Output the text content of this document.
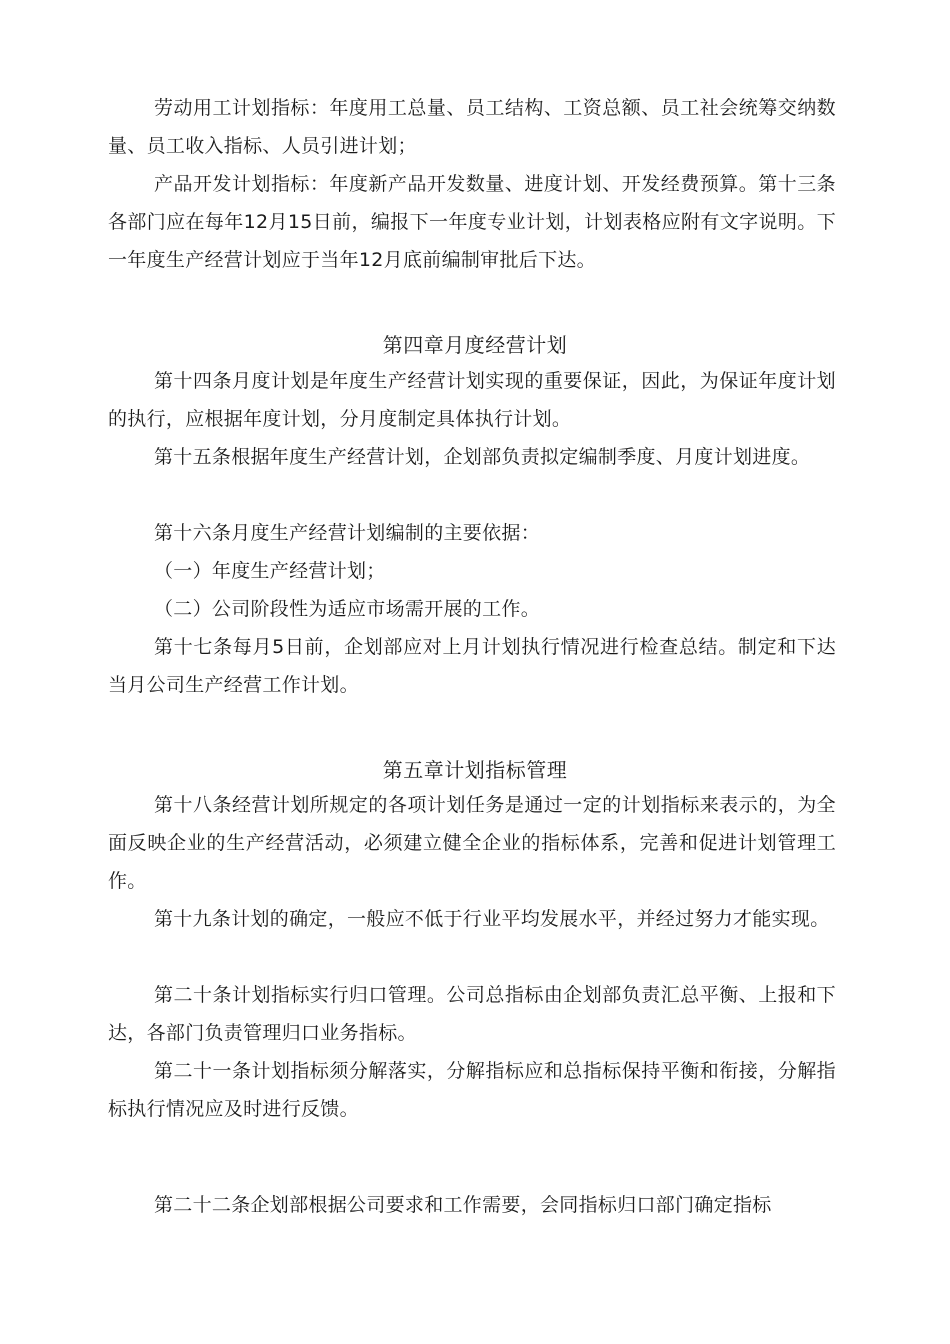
劳动用工计划指标：年度用工总量、员工结构、工资总额、员工社会统筹交纳数量、员工收入指标、人员引进计划；

产品开发计划指标：年度新产品开发数量、进度计划、开发经费预算。第十三条各部门应在每年12月15日前，编报下一年度专业计划，计划表格应附有文字说明。下一年度生产经营计划应于当年12月底前编制审批后下达。

第四章月度经营计划

第十四条月度计划是年度生产经营计划实现的重要保证，因此，为保证年度计划的执行，应根据年度计划，分月度制定具体执行计划。

第十五条根据年度生产经营计划，企划部负责拟定编制季度、月度计划进度。

第十六条月度生产经营计划编制的主要依据：

（一）年度生产经营计划；

（二）公司阶段性为适应市场需开展的工作。

第十七条每月5日前，企划部应对上月计划执行情况进行检查总结。制定和下达当月公司生产经营工作计划。

第五章计划指标管理

第十八条经营计划所规定的各项计划任务是通过一定的计划指标来表示的，为全面反映企业的生产经营活动，必须建立健全企业的指标体系，完善和促进计划管理工作。

第十九条计划的确定，一般应不低于行业平均发展水平，并经过努力才能实现。

第二十条计划指标实行归口管理。公司总指标由企划部负责汇总平衡、上报和下达，各部门负责管理归口业务指标。

第二十一条计划指标须分解落实，分解指标应和总指标保持平衡和衔接，分解指标执行情况应及时进行反馈。

第二十二条企划部根据公司要求和工作需要，会同指标归口部门确定指标
